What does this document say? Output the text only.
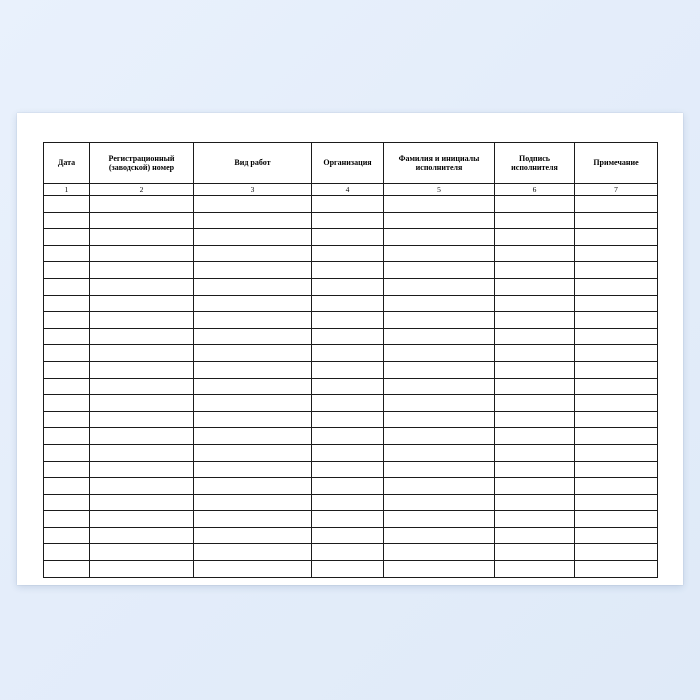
Дата	Регистрационный (заводской) номер	Вид работ	Организация	Фамилия и инициалы исполнителя	Подпись исполнителя	Примечание
1	2	3	4	5	6	7
